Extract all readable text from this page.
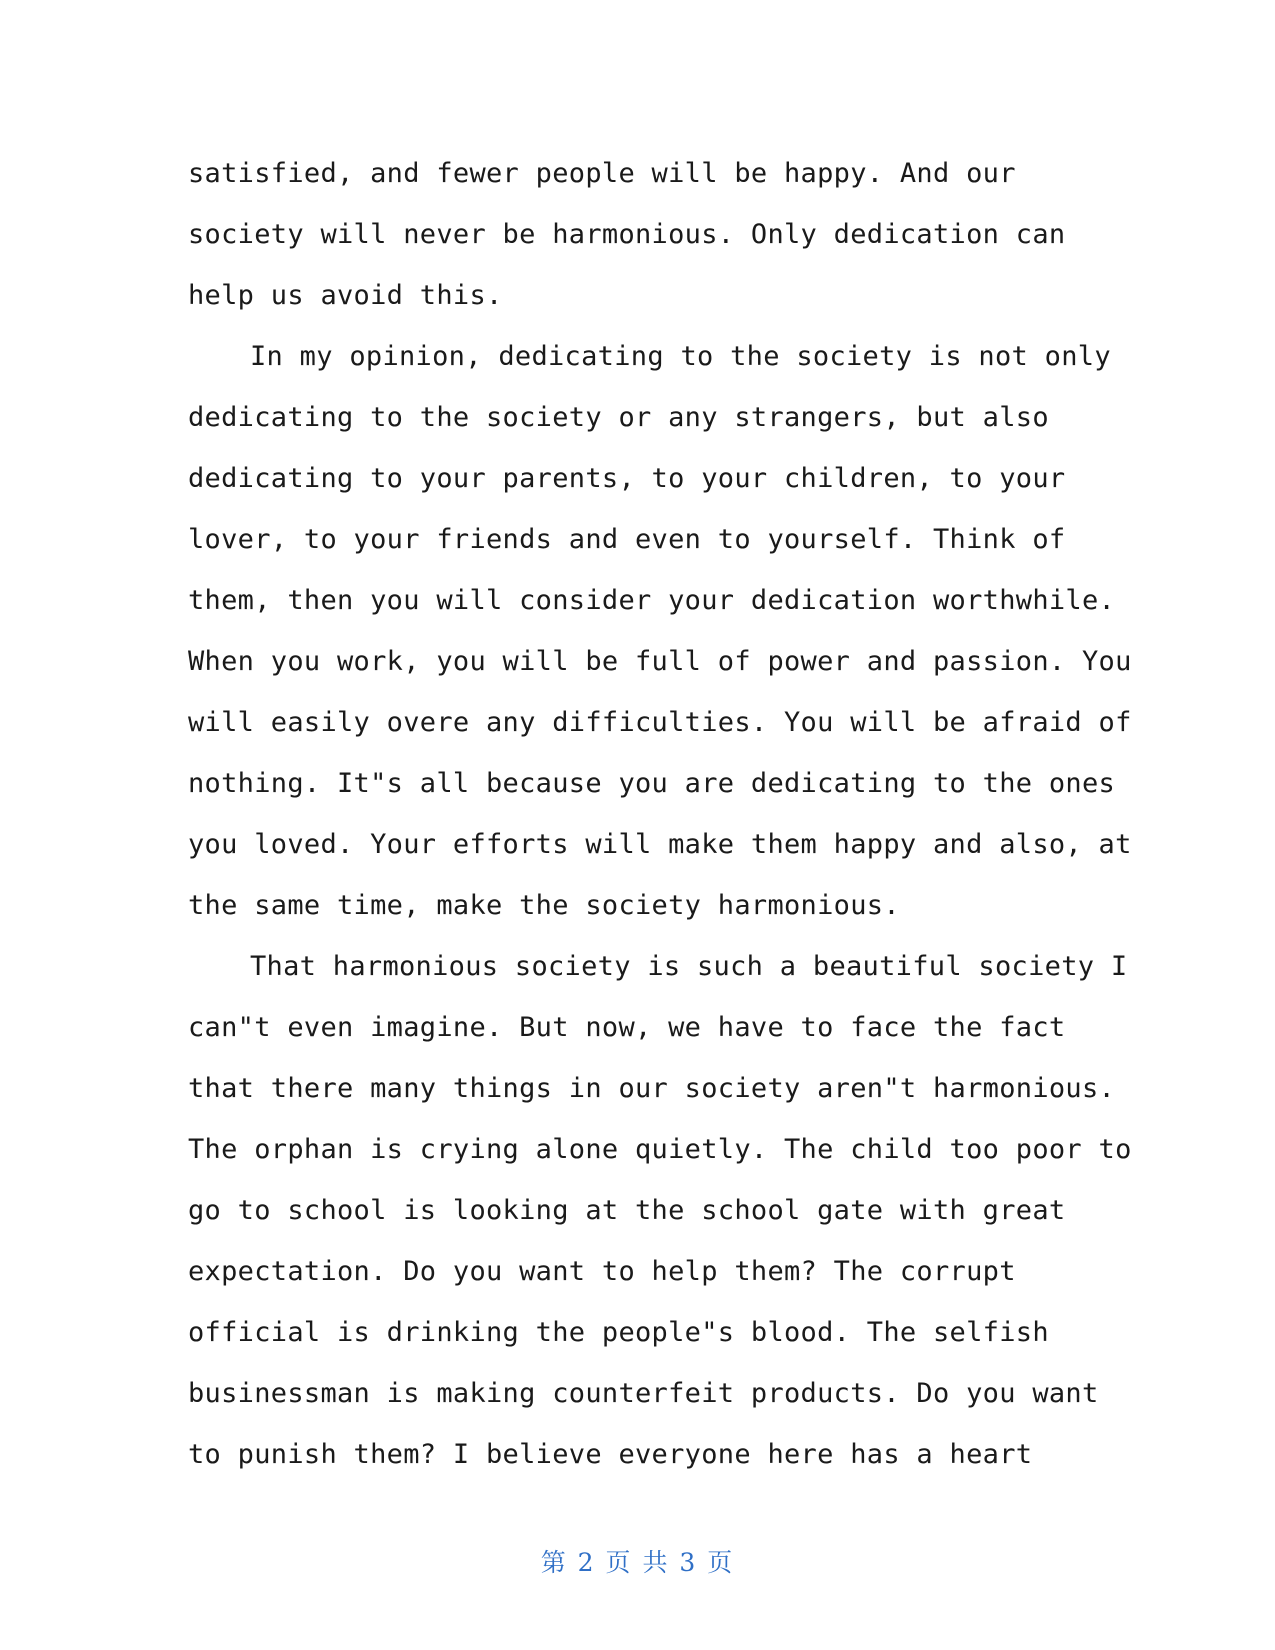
satisfied, and fewer people will be happy. And our
society will never be harmonious. Only dedication can
help us avoid this.
In my opinion, dedicating to the society is not only
dedicating to the society or any strangers, but also
dedicating to your parents, to your children, to your
lover, to your friends and even to yourself. Think of
them, then you will consider your dedication worthwhile.
When you work, you will be full of power and passion. You
will easily overe any difficulties. You will be afraid of
nothing. It"s all because you are dedicating to the ones
you loved. Your efforts will make them happy and also, at
the same time, make the society harmonious.
That harmonious society is such a beautiful society I
can"t even imagine. But now, we have to face the fact
that there many things in our society aren"t harmonious.
The orphan is crying alone quietly. The child too poor to
go to school is looking at the school gate with great
expectation. Do you want to help them? The corrupt
official is drinking the people"s blood. The selfish
businessman is making counterfeit products. Do you want
to punish them? I believe everyone here has a heart
第 2 页 共 3 页
